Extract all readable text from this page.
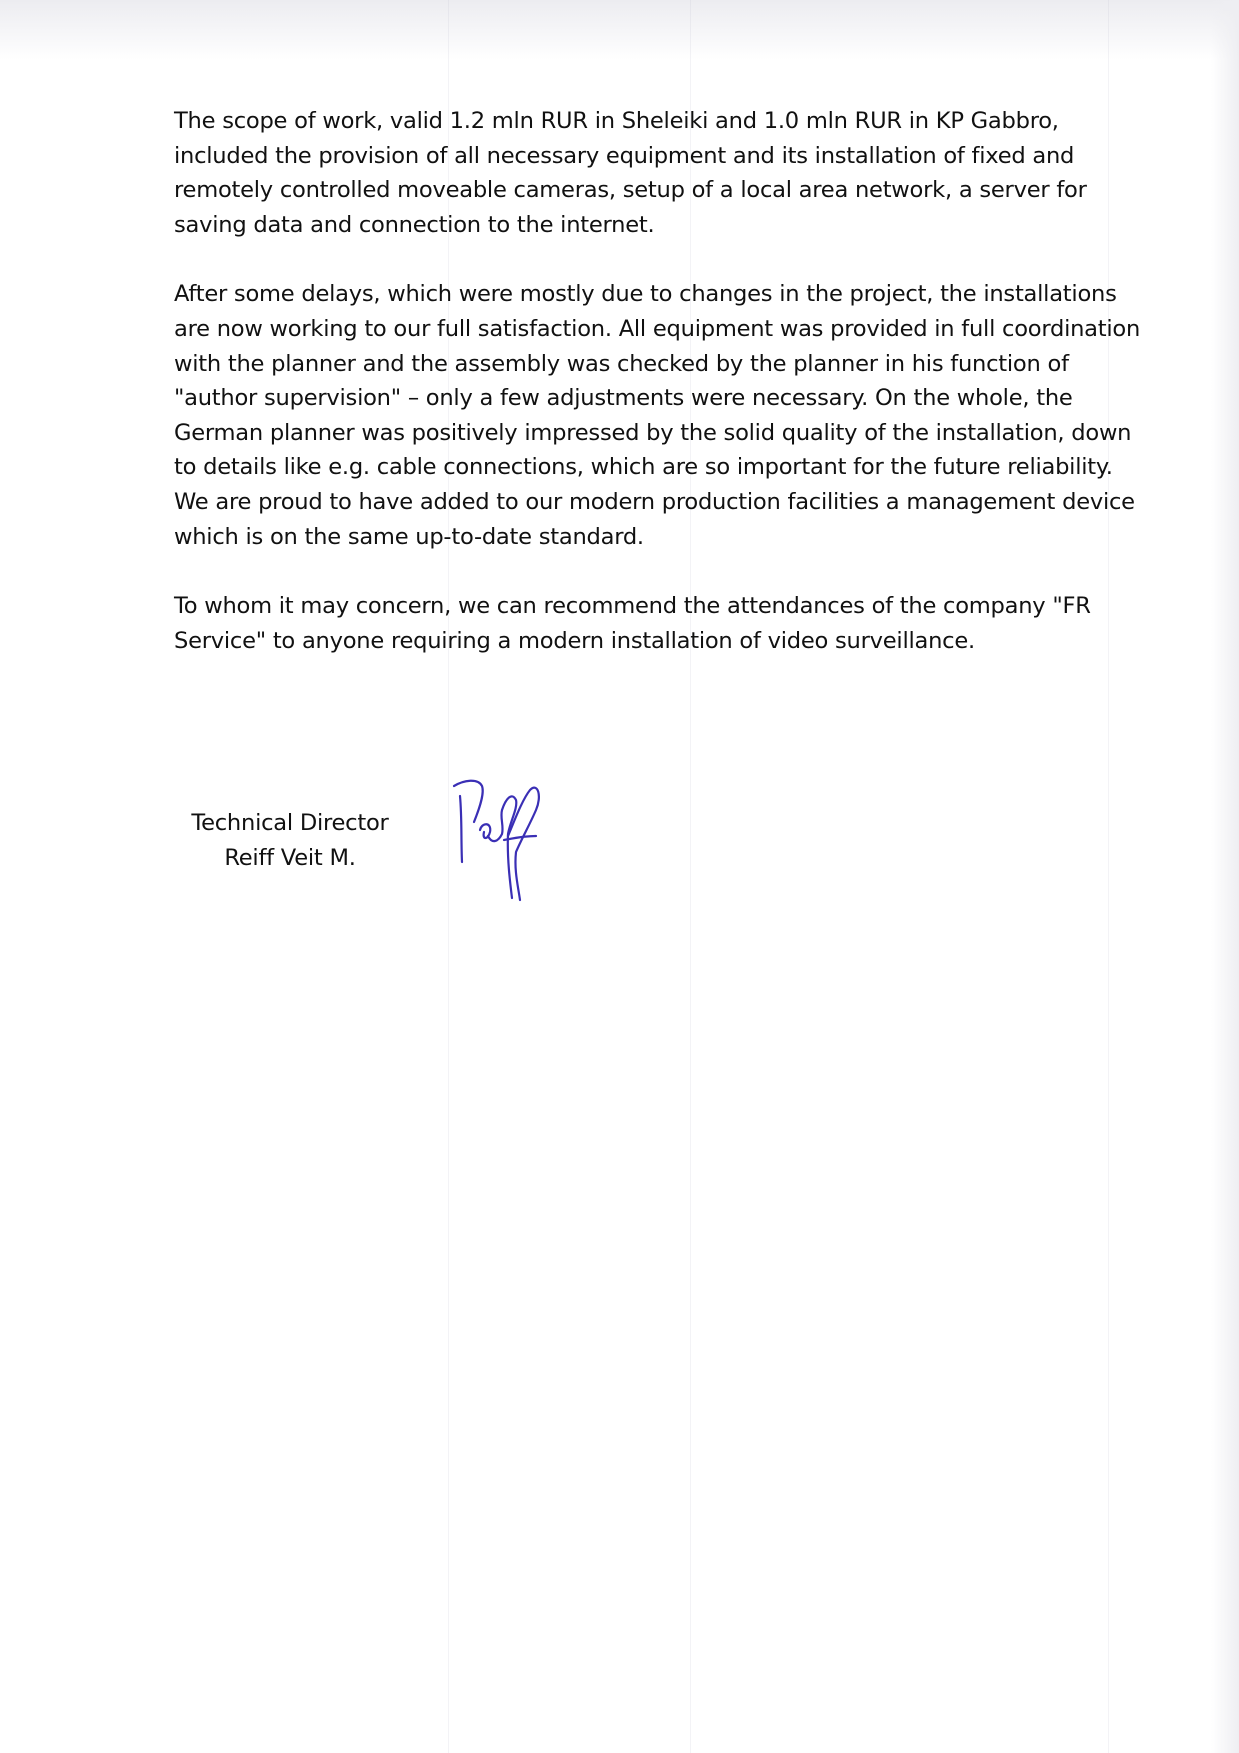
The scope of work, valid 1.2 mln RUR in Sheleiki and 1.0 mln RUR in KP Gabbro,
included the provision of all necessary equipment and its installation of fixed and
remotely controlled moveable cameras, setup of a local area network, a server for
saving data and connection to the internet.

After some delays, which were mostly due to changes in the project, the installations
are now working to our full satisfaction. All equipment was provided in full coordination
with the planner and the assembly was checked by the planner in his function of
"author supervision" – only a few adjustments were necessary. On the whole, the
German planner was positively impressed by the solid quality of the installation, down
to details like e.g. cable connections, which are so important for the future reliability.
We are proud to have added to our modern production facilities a management device
which is on the same up-to-date standard.

To whom it may concern, we can recommend the attendances of the company "FR
Service" to anyone requiring a modern installation of video surveillance.

Technical Director
Reiff Veit M.
